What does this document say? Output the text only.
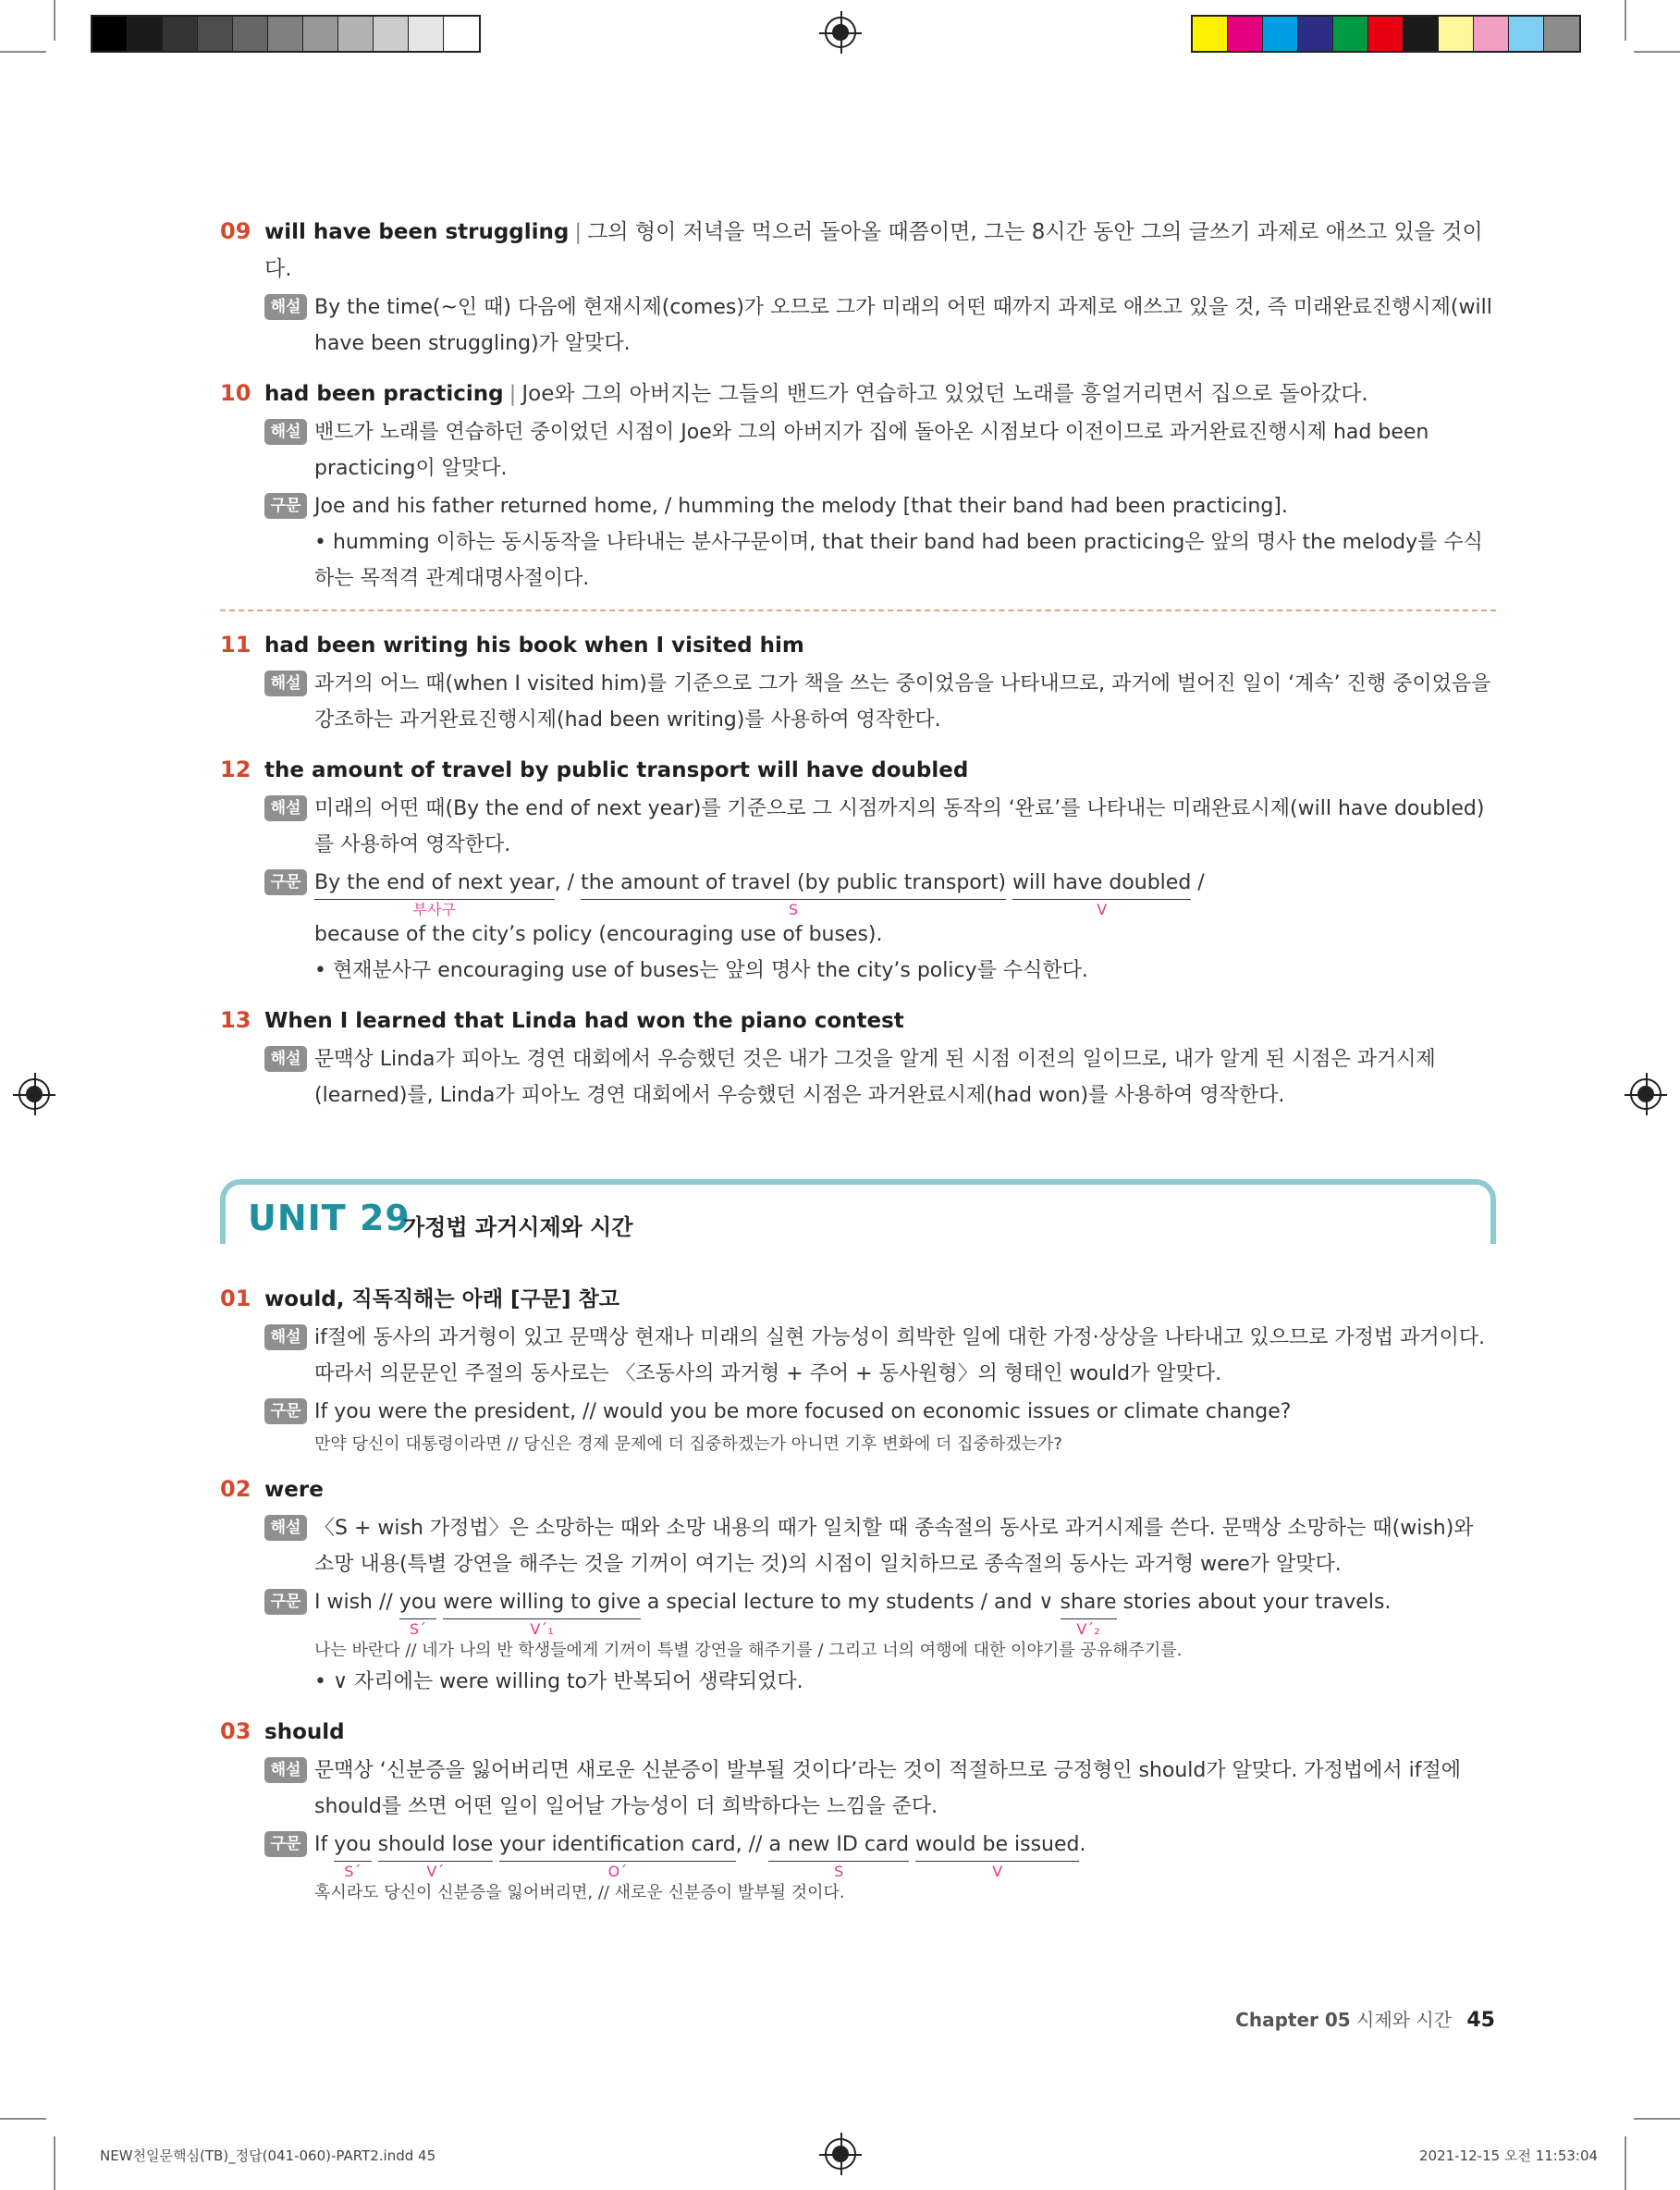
09 will have been struggling | 그의 형이 저녁을 먹으러 돌아올 때쯤이면, 그는 8시간 동안 그의 글쓰기 과제로 애쓰고 있을 것이다.
해설 By the time(~인 때) 다음에 현재시제(comes)가 오므로 그가 미래의 어떤 때까지 과제로 애쓰고 있을 것, 즉 미래완료진행시제(will have been struggling)가 알맞다.
10 had been practicing | Joe와 그의 아버지는 그들의 밴드가 연습하고 있었던 노래를 흥얼거리면서 집으로 돌아갔다.
해설 밴드가 노래를 연습하던 중이었던 시점이 Joe와 그의 아버지가 집에 돌아온 시점보다 이전이므로 과거완료진행시제 had been practicing이 알맞다.
구문 Joe and his father returned home, / humming the melody [that their band had been practicing].
• humming 이하는 동시동작을 나타내는 분사구문이며, that their band had been practicing은 앞의 명사 the melody를 수식하는 목적격 관계대명사절이다.
11 had been writing his book when I visited him
해설 과거의 어느 때(when I visited him)를 기준으로 그가 책을 쓰는 중이었음을 나타내므로, 과거에 벌어진 일이 ‘계속’ 진행 중이었음을 강조하는 과거완료진행시제(had been writing)를 사용하여 영작한다.
12 the amount of travel by public transport will have doubled
해설 미래의 어떤 때(By the end of next year)를 기준으로 그 시점까지의 동작의 ‘완료’를 나타내는 미래완료시제(will have doubled)를 사용하여 영작한다.
구문 By the end of next year
부사구
, / the amount of travel (by public transport)
S
will have doubled
V
/
because of the city’s policy (encouraging use of buses).
• 현재분사구 encouraging use of buses는 앞의 명사 the city’s policy를 수식한다.
13 When I learned that Linda had won the piano contest
해설 문맥상 Linda가 피아노 경연 대회에서 우승했던 것은 내가 그것을 알게 된 시점 이전의 일이므로, 내가 알게 된 시점은 과거시제(learned)를, Linda가 피아노 경연 대회에서 우승했던 시점은 과거완료시제(had won)를 사용하여 영작한다.
UNIT 29
가정법 과거시제와 시간
01 would, 직독직해는 아래 [구문] 참고
해설 if절에 동사의 과거형이 있고 문맥상 현재나 미래의 실현 가능성이 희박한 일에 대한 가정·상상을 나타내고 있으므로 가정법 과거이다. 따라서 의문문인 주절의 동사로는 〈조동사의 과거형 + 주어 + 동사원형〉의 형태인 would가 알맞다.
구문 If you were the president, // would you be more focused on economic issues or climate change?
만약 당신이 대통령이라면 // 당신은 경제 문제에 더 집중하겠는가 아니면 기후 변화에 더 집중하겠는가?
02 were
해설 〈S + wish 가정법〉은 소망하는 때와 소망 내용의 때가 일치할 때 종속절의 동사로 과거시제를 쓴다. 문맥상 소망하는 때(wish)와 소망 내용(특별 강연을 해주는 것을 기꺼이 여기는 것)의 시점이 일치하므로 종속절의 동사는 과거형 were가 알맞다.
구문 I wish // you
S´
were willing to give
V´₁
a special lecture to my students / and ∨ share
V´₂
stories about your travels.
나는 바란다 // 네가 나의 반 학생들에게 기꺼이 특별 강연을 해주기를 / 그리고 너의 여행에 대한 이야기를 공유해주기를.
• ∨ 자리에는 were willing to가 반복되어 생략되었다.
03 should
해설 문맥상 ‘신분증을 잃어버리면 새로운 신분증이 발부될 것이다’라는 것이 적절하므로 긍정형인 should가 알맞다. 가정법에서 if절에 should를 쓰면 어떤 일이 일어날 가능성이 더 희박하다는 느낌을 준다.
구문 If you
S´
should lose
V´
your identification card
O´
, // a new ID card
S
would be issued
V
.
혹시라도 당신이 신분증을 잃어버리면, // 새로운 신분증이 발부될 것이다.
Chapter 05 시제와 시간 45
NEW천일문핵심(TB)_정답(041-060)-PART2.indd 45	2021-12-15 오전 11:53:04
